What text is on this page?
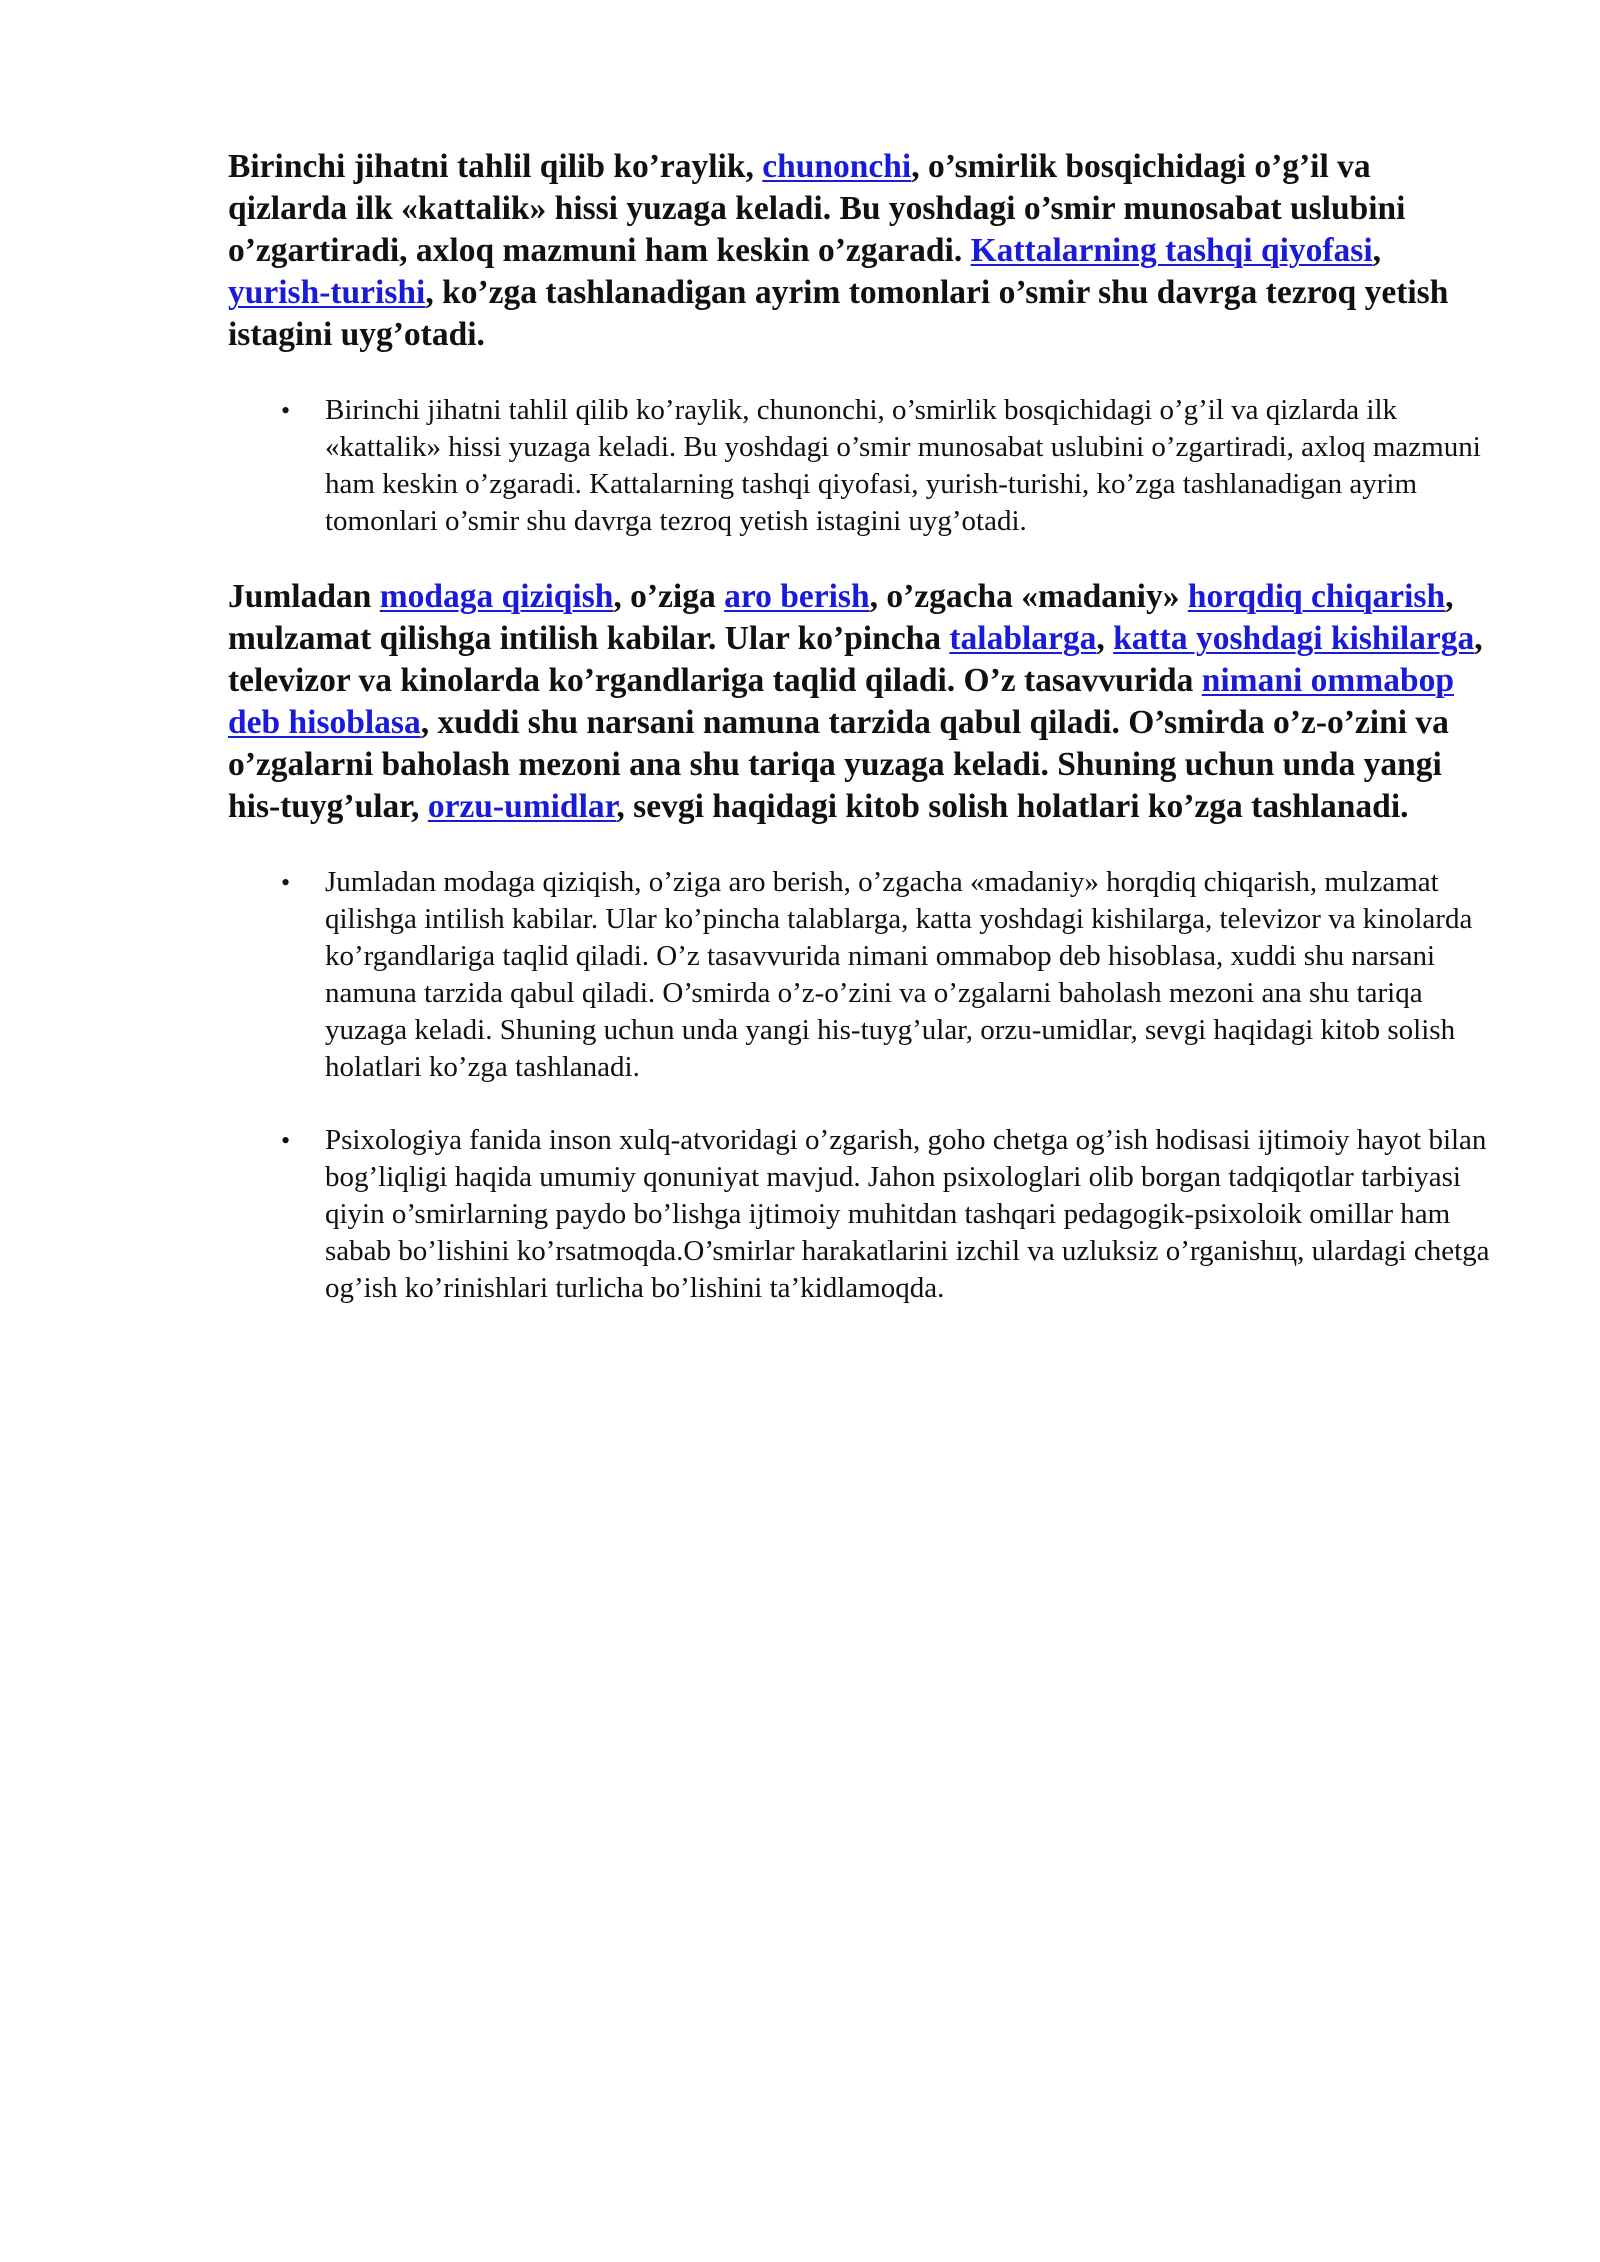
Birinchi jihatni tahlil qilib ko’raylik, chunonchi, o’smirlik bosqichidagi o’g’il va qizlarda ilk «kattalik» hissi yuzaga keladi. Bu yoshdagi o’smir munosabat uslubini o’zgartiradi, axloq mazmuni ham keskin o’zgaradi. Kattalarning tashqi qiyofasi, yurish-turishi, ko’zga tashlanadigan ayrim tomonlari o’smir shu davrga tezroq yetish istagini uyg’otadi.

• Birinchi jihatni tahlil qilib ko’raylik, chunonchi, o’smirlik bosqichidagi o’g’il va qizlarda ilk «kattalik» hissi yuzaga keladi. Bu yoshdagi o’smir munosabat uslubini o’zgartiradi, axloq mazmuni ham keskin o’zgaradi. Kattalarning tashqi qiyofasi, yurish-turishi, ko’zga tashlanadigan ayrim tomonlari o’smir shu davrga tezroq yetish istagini uyg’otadi.

Jumladan modaga qiziqish, o’ziga aro berish, o’zgacha «madaniy» horqdiq chiqarish, mulzamat qilishga intilish kabilar. Ular ko’pincha talablarga, katta yoshdagi kishilarga, televizor va kinolarda ko’rgandlariga taqlid qiladi. O’z tasavvurida nimani ommabop deb hisoblasa, xuddi shu narsani namuna tarzida qabul qiladi. O’smirda o’z-o’zini va o’zgalarni baholash mezoni ana shu tariqa yuzaga keladi. Shuning uchun unda yangi his-tuyg’ular, orzu-umidlar, sevgi haqidagi kitob solish holatlari ko’zga tashlanadi.

• Jumladan modaga qiziqish, o’ziga aro berish, o’zgacha «madaniy» horqdiq chiqarish, mulzamat qilishga intilish kabilar. Ular ko’pincha talablarga, katta yoshdagi kishilarga, televizor va kinolarda ko’rgandlariga taqlid qiladi. O’z tasavvurida nimani ommabop deb hisoblasa, xuddi shu narsani namuna tarzida qabul qiladi. O’smirda o’z-o’zini va o’zgalarni baholash mezoni ana shu tariqa yuzaga keladi. Shuning uchun unda yangi his-tuyg’ular, orzu-umidlar, sevgi haqidagi kitob solish holatlari ko’zga tashlanadi.
• Psixologiya fanida inson xulq-atvoridagi o’zgarish, goho chetga og’ish hodisasi ijtimoiy hayot bilan bog’liqligi haqida umumiy qonuniyat mavjud. Jahon psixologlari olib borgan tadqiqotlar tarbiyasi qiyin o’smirlarning paydo bo’lishga ijtimoiy muhitdan tashqari pedagogik-psixoloik omillar ham sabab bo’lishini ko’rsatmoqda.O’smirlar harakatlarini izchil va uzluksiz o’rganishщ, ulardagi chetga og’ish ko’rinishlari turlicha bo’lishini ta’kidlamoqda.
